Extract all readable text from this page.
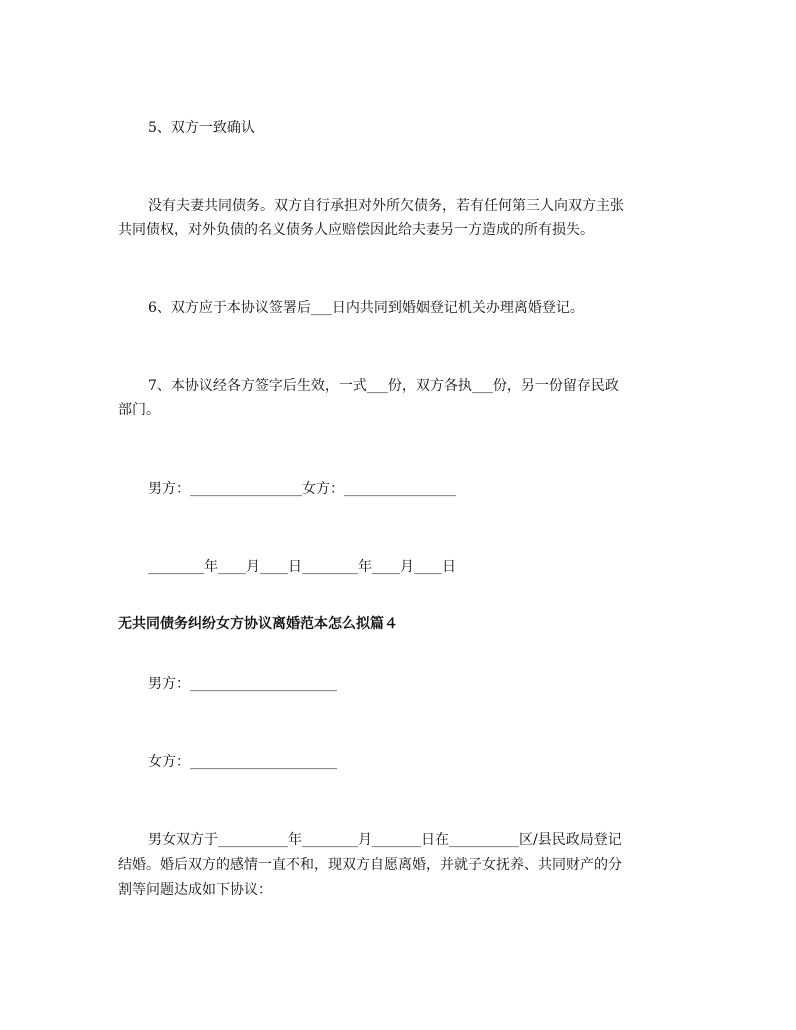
5、双方一致确认

没有夫妻共同债务。双方自行承担对外所欠债务，若有任何第三人向双方主张

共同债权，对外负债的名义债务人应赔偿因此给夫妻另一方造成的所有损失。

6、双方应于本协议签署后___日内共同到婚姻登记机关办理离婚登记。

7、本协议经各方签字后生效，一式___份，双方各执___份，另一份留存民政

部门。

男方：________________女方：________________

________年____月____日________年____月____日

无共同债务纠纷女方协议离婚范本怎么拟篇４

男方：_____________________

女方：_____________________

男女双方于__________年________月_______日在__________区/县民政局登记

结婚。婚后双方的感情一直不和，现双方自愿离婚，并就子女抚养、共同财产的分

割等问题达成如下协议：
